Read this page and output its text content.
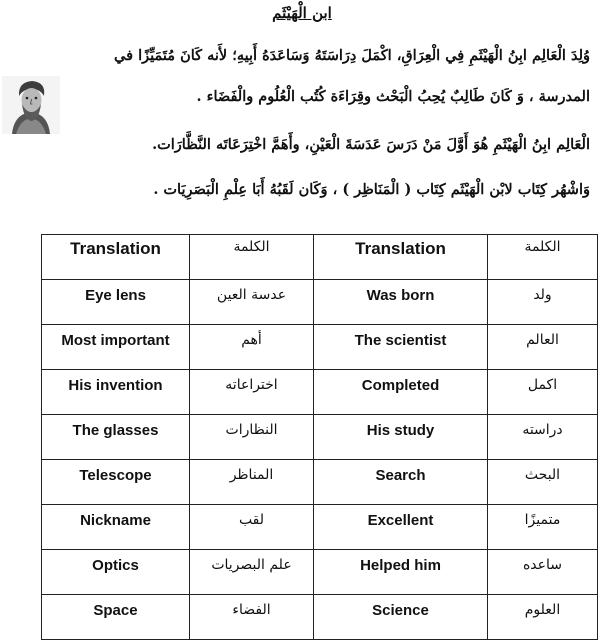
ابن الْهَيْثَم
وُلِدَ الْعَالِم ابِنُ الْهَيْثَمِ فِي الْعِرَاقِ، اكْمَلَ دِرَاسَتَهُ وَسَاعَدَهُ أَبِيهِ؛ لأَنه كَانَ مُتَمَيِّزًا في
المدرسة ، وَ كَانَ طَالِبٌ يُحِبُ الْبَحْث وقِرَاءَة كُتُب الْعُلُوم والْفَضَاء .
الْعَالِم ابِنُ الْهَيْثَمِ هُوَ أَوَّلَ مَنْ دَرَسَ عَدَسَةَ الْعَيْنِ، وأَهَمَّ اخْتِرَعَاتَه النَّظَّارَات.
وَاشْهُر كِتَاب لابْن الْهَيْثَم كِتَاب ( الْمَنَاظِر ) ، وَكَان لَقَبُهُ أَبَا عِلْمِ الْبَصَرِيَات .
Translation	الكلمة	Translation	الكلمة
Eye lens	عدسة العين	Was born	ولد
Most important	أهم	The scientist	العالم
His invention	اختراعاته	Completed	اكمل
The glasses	النظارات	His study	دراسته
Telescope	المناظر	Search	البحث
Nickname	لقب	Excellent	متميزًا
Optics	علم البصريات	Helped him	ساعده
Space	الفضاء	Science	العلوم
